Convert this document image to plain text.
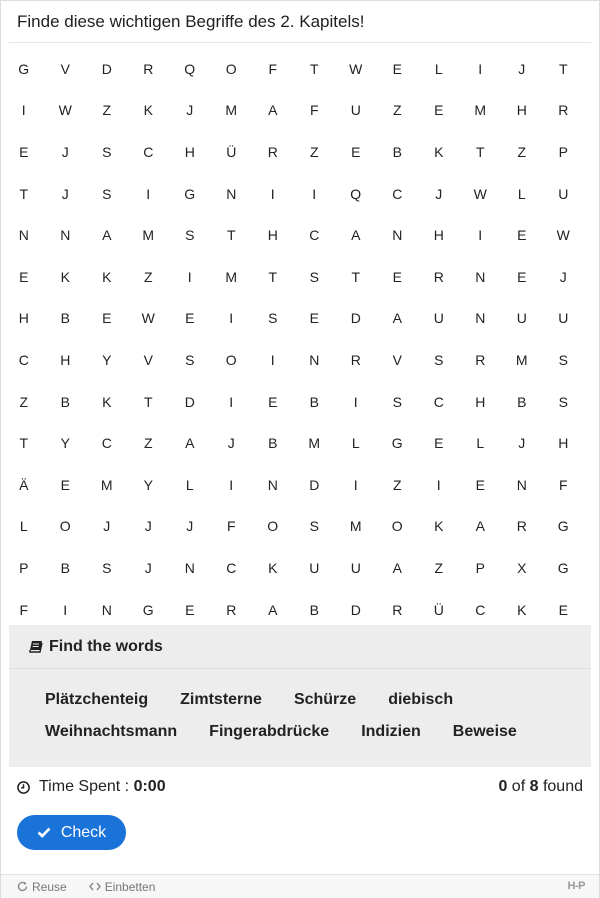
Finde diese wichtigen Begriffe des 2. Kapitels!
G	V	D	R	Q	O	F	T	W	E	L	I	J	T
I	W	Z	K	J	M	A	F	U	Z	E	M	H	R
E	J	S	C	H	Ü	R	Z	E	B	K	T	Z	P
T	J	S	I	G	N	I	I	Q	C	J	W	L	U
N	N	A	M	S	T	H	C	A	N	H	I	E	W
E	K	K	Z	I	M	T	S	T	E	R	N	E	J
H	B	E	W	E	I	S	E	D	A	U	N	U	U
C	H	Y	V	S	O	I	N	R	V	S	R	M	S
Z	B	K	T	D	I	E	B	I	S	C	H	B	S
T	Y	C	Z	A	J	B	M	L	G	E	L	J	H
Ä	E	M	Y	L	I	N	D	I	Z	I	E	N	F
L	O	J	J	J	F	O	S	M	O	K	A	R	G
P	B	S	J	N	C	K	U	U	A	Z	P	X	G
F	I	N	G	E	R	A	B	D	R	Ü	C	K	E
Find the words
Plätzchenteig Zimtsterne Schürze diebisch
Weihnachtsmann Fingerabdrücke Indizien Beweise
Time Spent :
0:00	0 of 8 found
Check
Reuse	Einbetten	H-P
